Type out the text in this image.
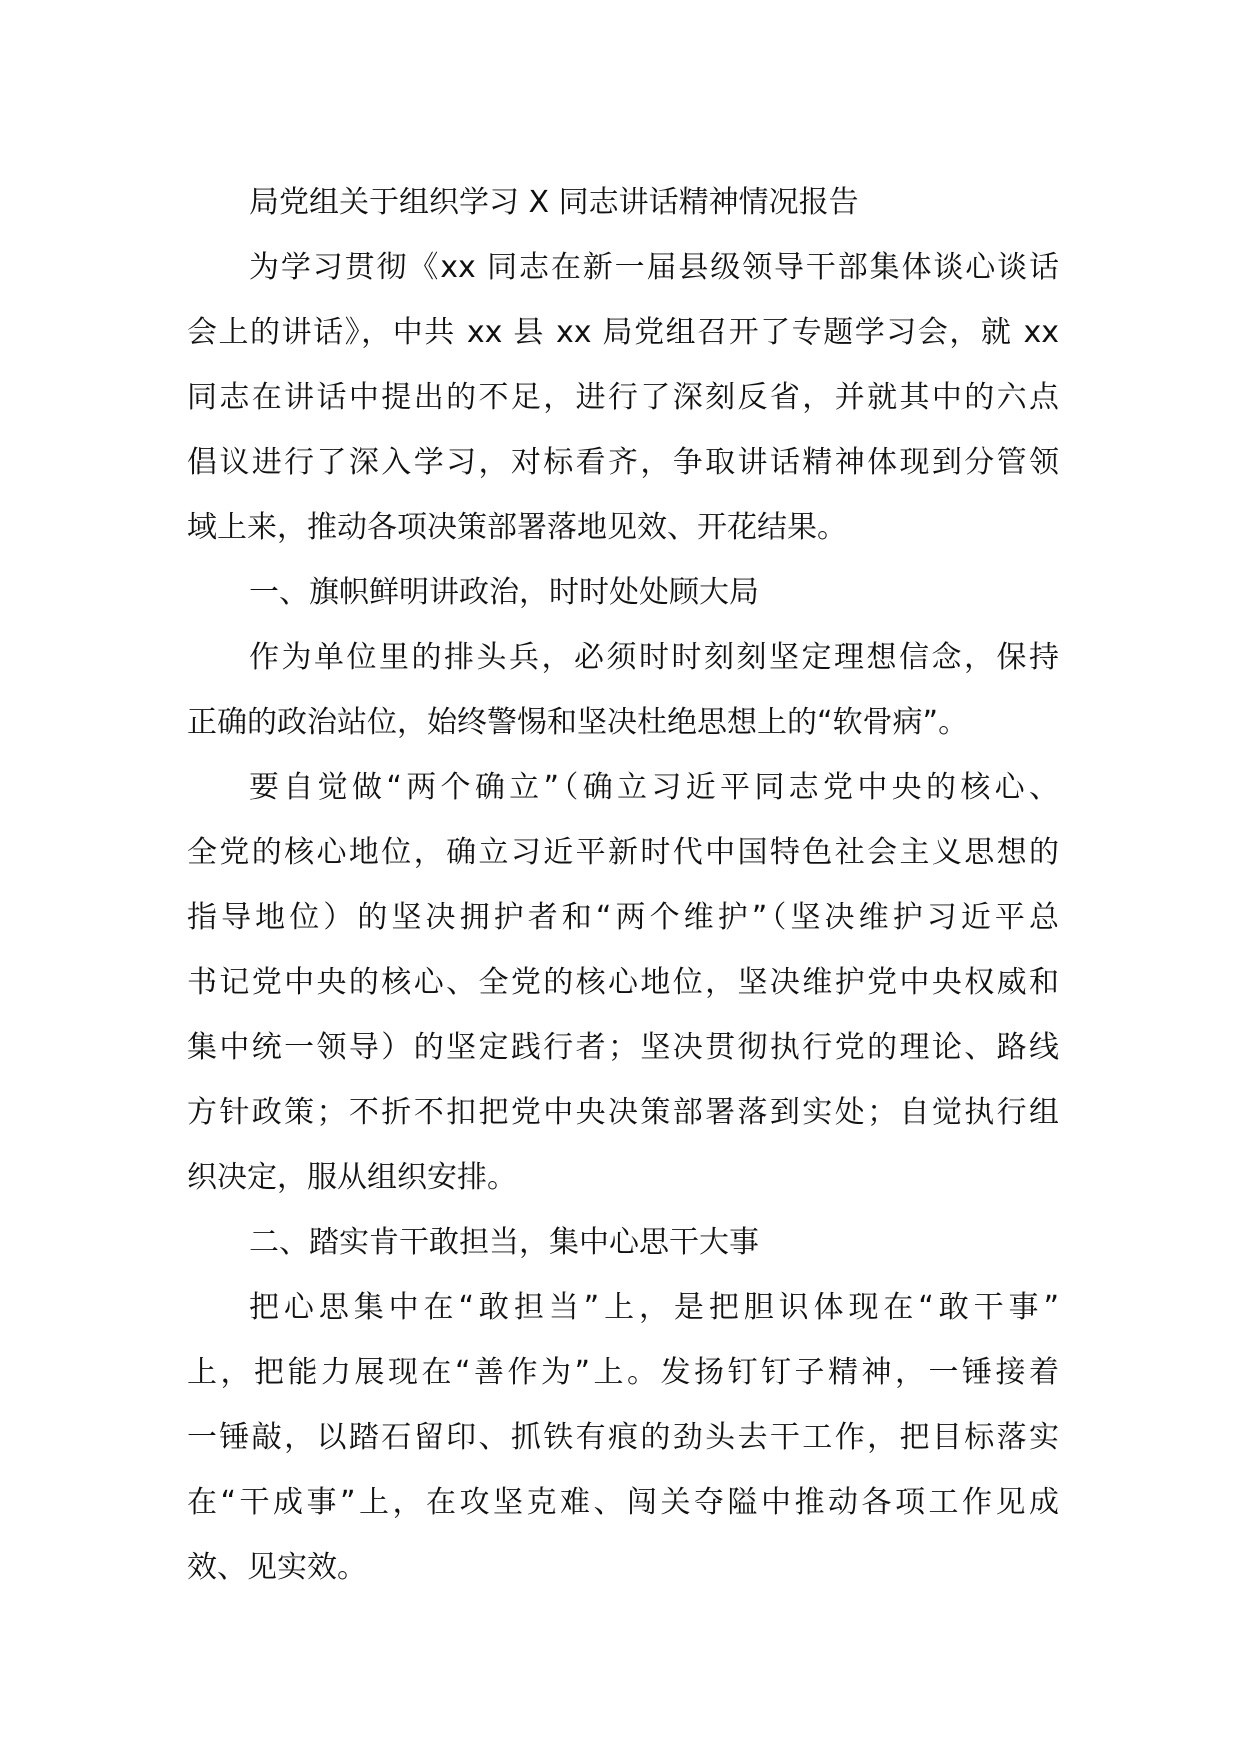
局党组关于组织学习 X 同志讲话精神情况报告
为学习贯彻《xx 同志在新一届县级领导干部集体谈心谈话
会上的讲话》，中共 xx 县 xx 局党组召开了专题学习会，就 xx
同志在讲话中提出的不足，进行了深刻反省，并就其中的六点
倡议进行了深入学习，对标看齐，争取讲话精神体现到分管领
域上来，推动各项决策部署落地见效、开花结果。
一、旗帜鲜明讲政治，时时处处顾大局
作为单位里的排头兵，必须时时刻刻坚定理想信念，保持
正确的政治站位，始终警惕和坚决杜绝思想上的“软骨病”。
要自觉做“两个确立”（确立习近平同志党中央的核心、
全党的核心地位，确立习近平新时代中国特色社会主义思想的
指导地位）的坚决拥护者和“两个维护”（坚决维护习近平总
书记党中央的核心、全党的核心地位，坚决维护党中央权威和
集中统一领导）的坚定践行者；坚决贯彻执行党的理论、路线
方针政策；不折不扣把党中央决策部署落到实处；自觉执行组
织决定，服从组织安排。
二、踏实肯干敢担当，集中心思干大事
把心思集中在“敢担当”上，是把胆识体现在“敢干事”
上，把能力展现在“善作为”上。发扬钉钉子精神，一锤接着
一锤敲，以踏石留印、抓铁有痕的劲头去干工作，把目标落实
在“干成事”上，在攻坚克难、闯关夺隘中推动各项工作见成
效、见实效。
